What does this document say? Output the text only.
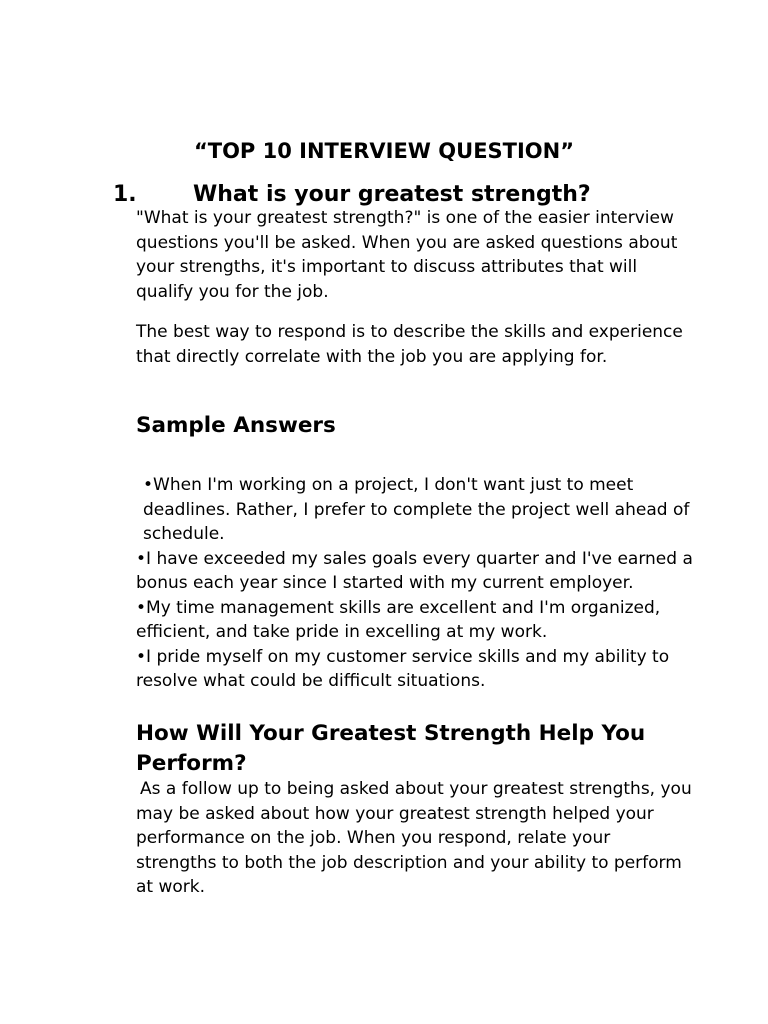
“TOP 10 INTERVIEW QUESTION”
1.	What is your greatest strength?

"What is your greatest strength?" is one of the easier interview questions you'll be asked. When you are asked questions about your strengths, it's important to discuss attributes that will qualify you for the job.

The best way to respond is to describe the skills and experience that directly correlate with the job you are applying for.

Sample Answers
•When I'm working on a project, I don't want just to meet deadlines. Rather, I prefer to complete the project well ahead of schedule.
•I have exceeded my sales goals every quarter and I've earned a bonus each year since I started with my current employer.
•My time management skills are excellent and I'm organized, efficient, and take pride in excelling at my work.
•I pride myself on my customer service skills and my ability to resolve what could be difficult situations.
How Will Your Greatest Strength Help You Perform?

As a follow up to being asked about your greatest strengths, you may be asked about how your greatest strength helped your performance on the job. When you respond, relate your strengths to both the job description and your ability to perform at work.
